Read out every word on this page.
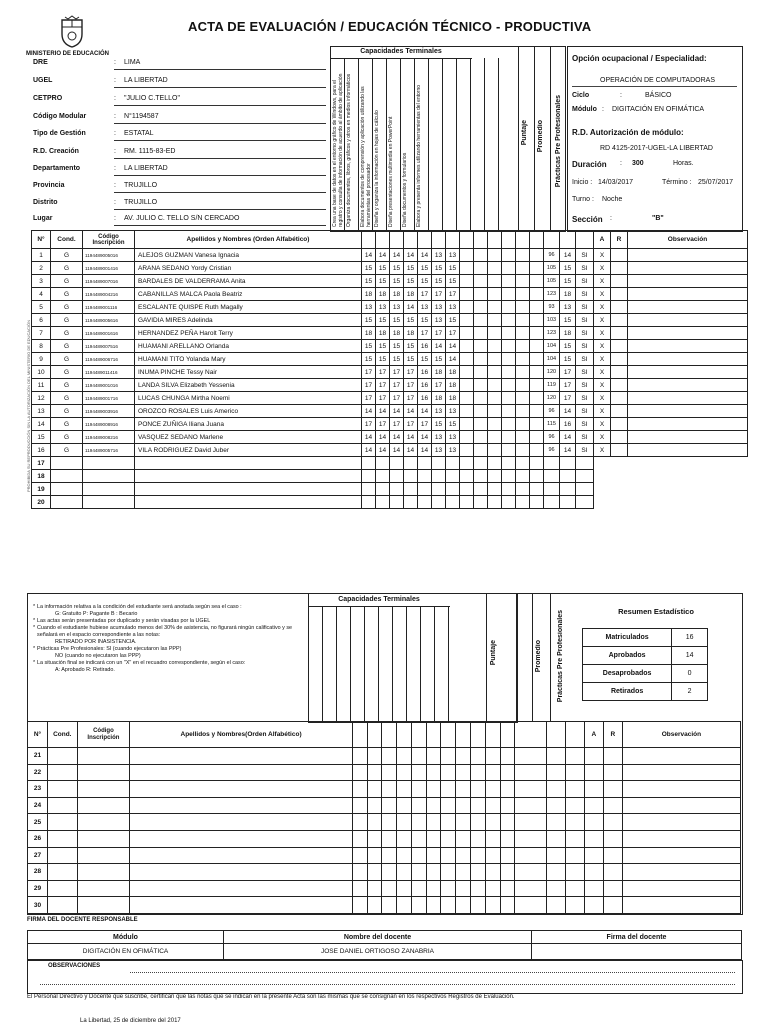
ACTA DE EVALUACIÓN / EDUCACIÓN TÉCNICO - PRODUCTIVA
MINISTERIO DE EDUCACIÓN
DRE	: LIMA
UGEL	: LA LIBERTAD
CETPRO	: "JULIO C.TELLO"
Código Modular	: N°1194587
Tipo de Gestión	: ESTATAL
R.D. Creación	: RM. 1115-83-ED
Departamento	: LA LIBERTAD
Provincia	: TRUJILLO
Distrito	: TRUJILLO
Lugar	: AV. JULIO C. TELLO S/N CERCADO
PROHIBIDA SU REPRODUCCIÓN SIN LA AUTORIZACIÓN DEL MINISTERIO DE EDUCACIÓN
Capacidades Terminales
Crea una base de datos en el entorno gráfico de Windows, para el registro y consulta de información de acuerdo al ámbito de aplicación Organiza documentos, libros, gráficos y otros en medios informáticos	Elabora documentos de comprensión y aplicación utilizando las herramientas del procesador Diseña y organiza la información en hojas de cálculo	Diseña presentaciones multimedia en PowerPoint	Diseña documentos y formularios	Elabora y presenta informes utilizando herramientas del entorno	Puntaje Promedio Prácticas Pre Profesionales
Opción ocupacional / Especialidad:
OPERACIÓN DE COMPUTADORAS
Ciclo	:	BÁSICO
Módulo : DIGITACIÓN EN OFIMÁTICA
R.D. Autorización de módulo:
RD 4125-2017-UGEL-LA LIBERTAD
Duración : 300	Horas.
Inicio : 14/03/2017	Término : 25/07/2017
Turno : Noche
Sección :	"B"
N°	Cond.	Código Inscripción	Apellidos y Nombres (Orden Alfabético)																	A	R	Observación
1	G	1194489005016	ALEJOS GUZMAN Vanesa Ignacia	14	14	14	14	14	13	13							96	14	SI	X		
2	G	1194489001416	ARANA SEDANO Yordy Cristian	15	15	15	15	15	15	15							105	15	SI	X		
3	G	1194489007016	BARDALES DE VALDERRAMA Anita	15	15	15	15	15	15	15							105	15	SI	X		
4	G	1194489004216	CABANILLAS MALCA Paola Beatriz	18	18	18	18	17	17	17							123	18	SI	X		
5	G	1194489001116	ESCALANTE QUISPE Ruth Magally	13	13	13	14	13	13	13							93	13	SI	X		
6	G	1194489005616	GAVIDIA MIRES Adelinda	15	15	15	15	15	13	15							103	15	SI	X		
7	G	1194489001616	HERNANDEZ PEÑA Harolt Terry	18	18	18	18	17	17	17							123	18	SI	X		
8	G	1194489007516	HUAMANI ARELLANO Orlanda	15	15	15	15	16	14	14							104	15	SI	X		
9	G	1194489006716	HUAMANI TITO Yolanda Mary	15	15	15	15	15	15	14							104	15	SI	X		
10	G	1194489011416	INUMA PINCHE Tessy Nair	17	17	17	17	16	18	18							120	17	SI	X		
11	G	1194489001016	LANDA SILVA Elizabeth Yessenia	17	17	17	17	16	17	18							119	17	SI	X		
12	G	1194489001716	LUCAS CHUNGA Mirtha Noemi	17	17	17	17	16	18	18							120	17	SI	X		
13	G	1194489003916	OROZCO ROSALES Luis Americo	14	14	14	14	14	13	13							96	14	SI	X		
14	G	1194489008916	PONCE ZUÑIGA Iliana Juana	17	17	17	17	17	15	15							115	16	SI	X		
15	G	1194489008216	VASQUEZ SEDANO Marlene	14	14	14	14	14	13	13							96	14	SI	X		
16	G	1194489005716	VILA RODRIGUEZ David Juber	14	14	14	14	14	13	13							96	14	SI	X		
17																						
18																						
19																						
20																						
* La información relativa a la condición del estudiante será anotada según sea el caso :
G: Gratuito P: Pagante B : Becario
* Las actas serán presentadas por duplicado y serán visadas por la UGEL
* Cuando el estudiante hubiese acumulado menos del 30% de asistencia, no figurará ningún calificativo y se señalará en el espacio correspondiente a las notas:
RETIRADO POR INASISTENCIA.
* Prácticas Pre Profesionales: SI (cuando ejecutaron las PPP)
NO (cuando no ejecutaron las PPP)
* La situación final se indicará con un "X" en el recuadro correspondiente, según el caso:
A: Aprobado R: Retirado.
Capacidades Terminales
Puntaje	Promedio Prácticas Pre Profesionales	Resumen Estadístico
Matriculados	16
Aprobados	14
Desaprobados	0
Retirados	2
N°	Cond.	Código Inscripción	Apellidos y Nombres(Orden Alfabético)															A	R	Observación
21																				
22																				
23																				
24																				
25																				
26																				
27																				
28																				
29																				
30																				
FIRMA DEL DOCENTE RESPONSABLE
Módulo	Nombre del docente	Firma del docente
DIGITACIÓN EN OFIMÁTICA	JOSE DANIEL ORTIGOSO ZANABRIA	
OBSERVACIONES
El Personal Directivo y Docente que suscribe, certifican que las notas que se indican en la presente Acta son las mismas que se consignan en los respectivos Registros de Evaluación.
La Libertad, 25 de diciembre del 2017
